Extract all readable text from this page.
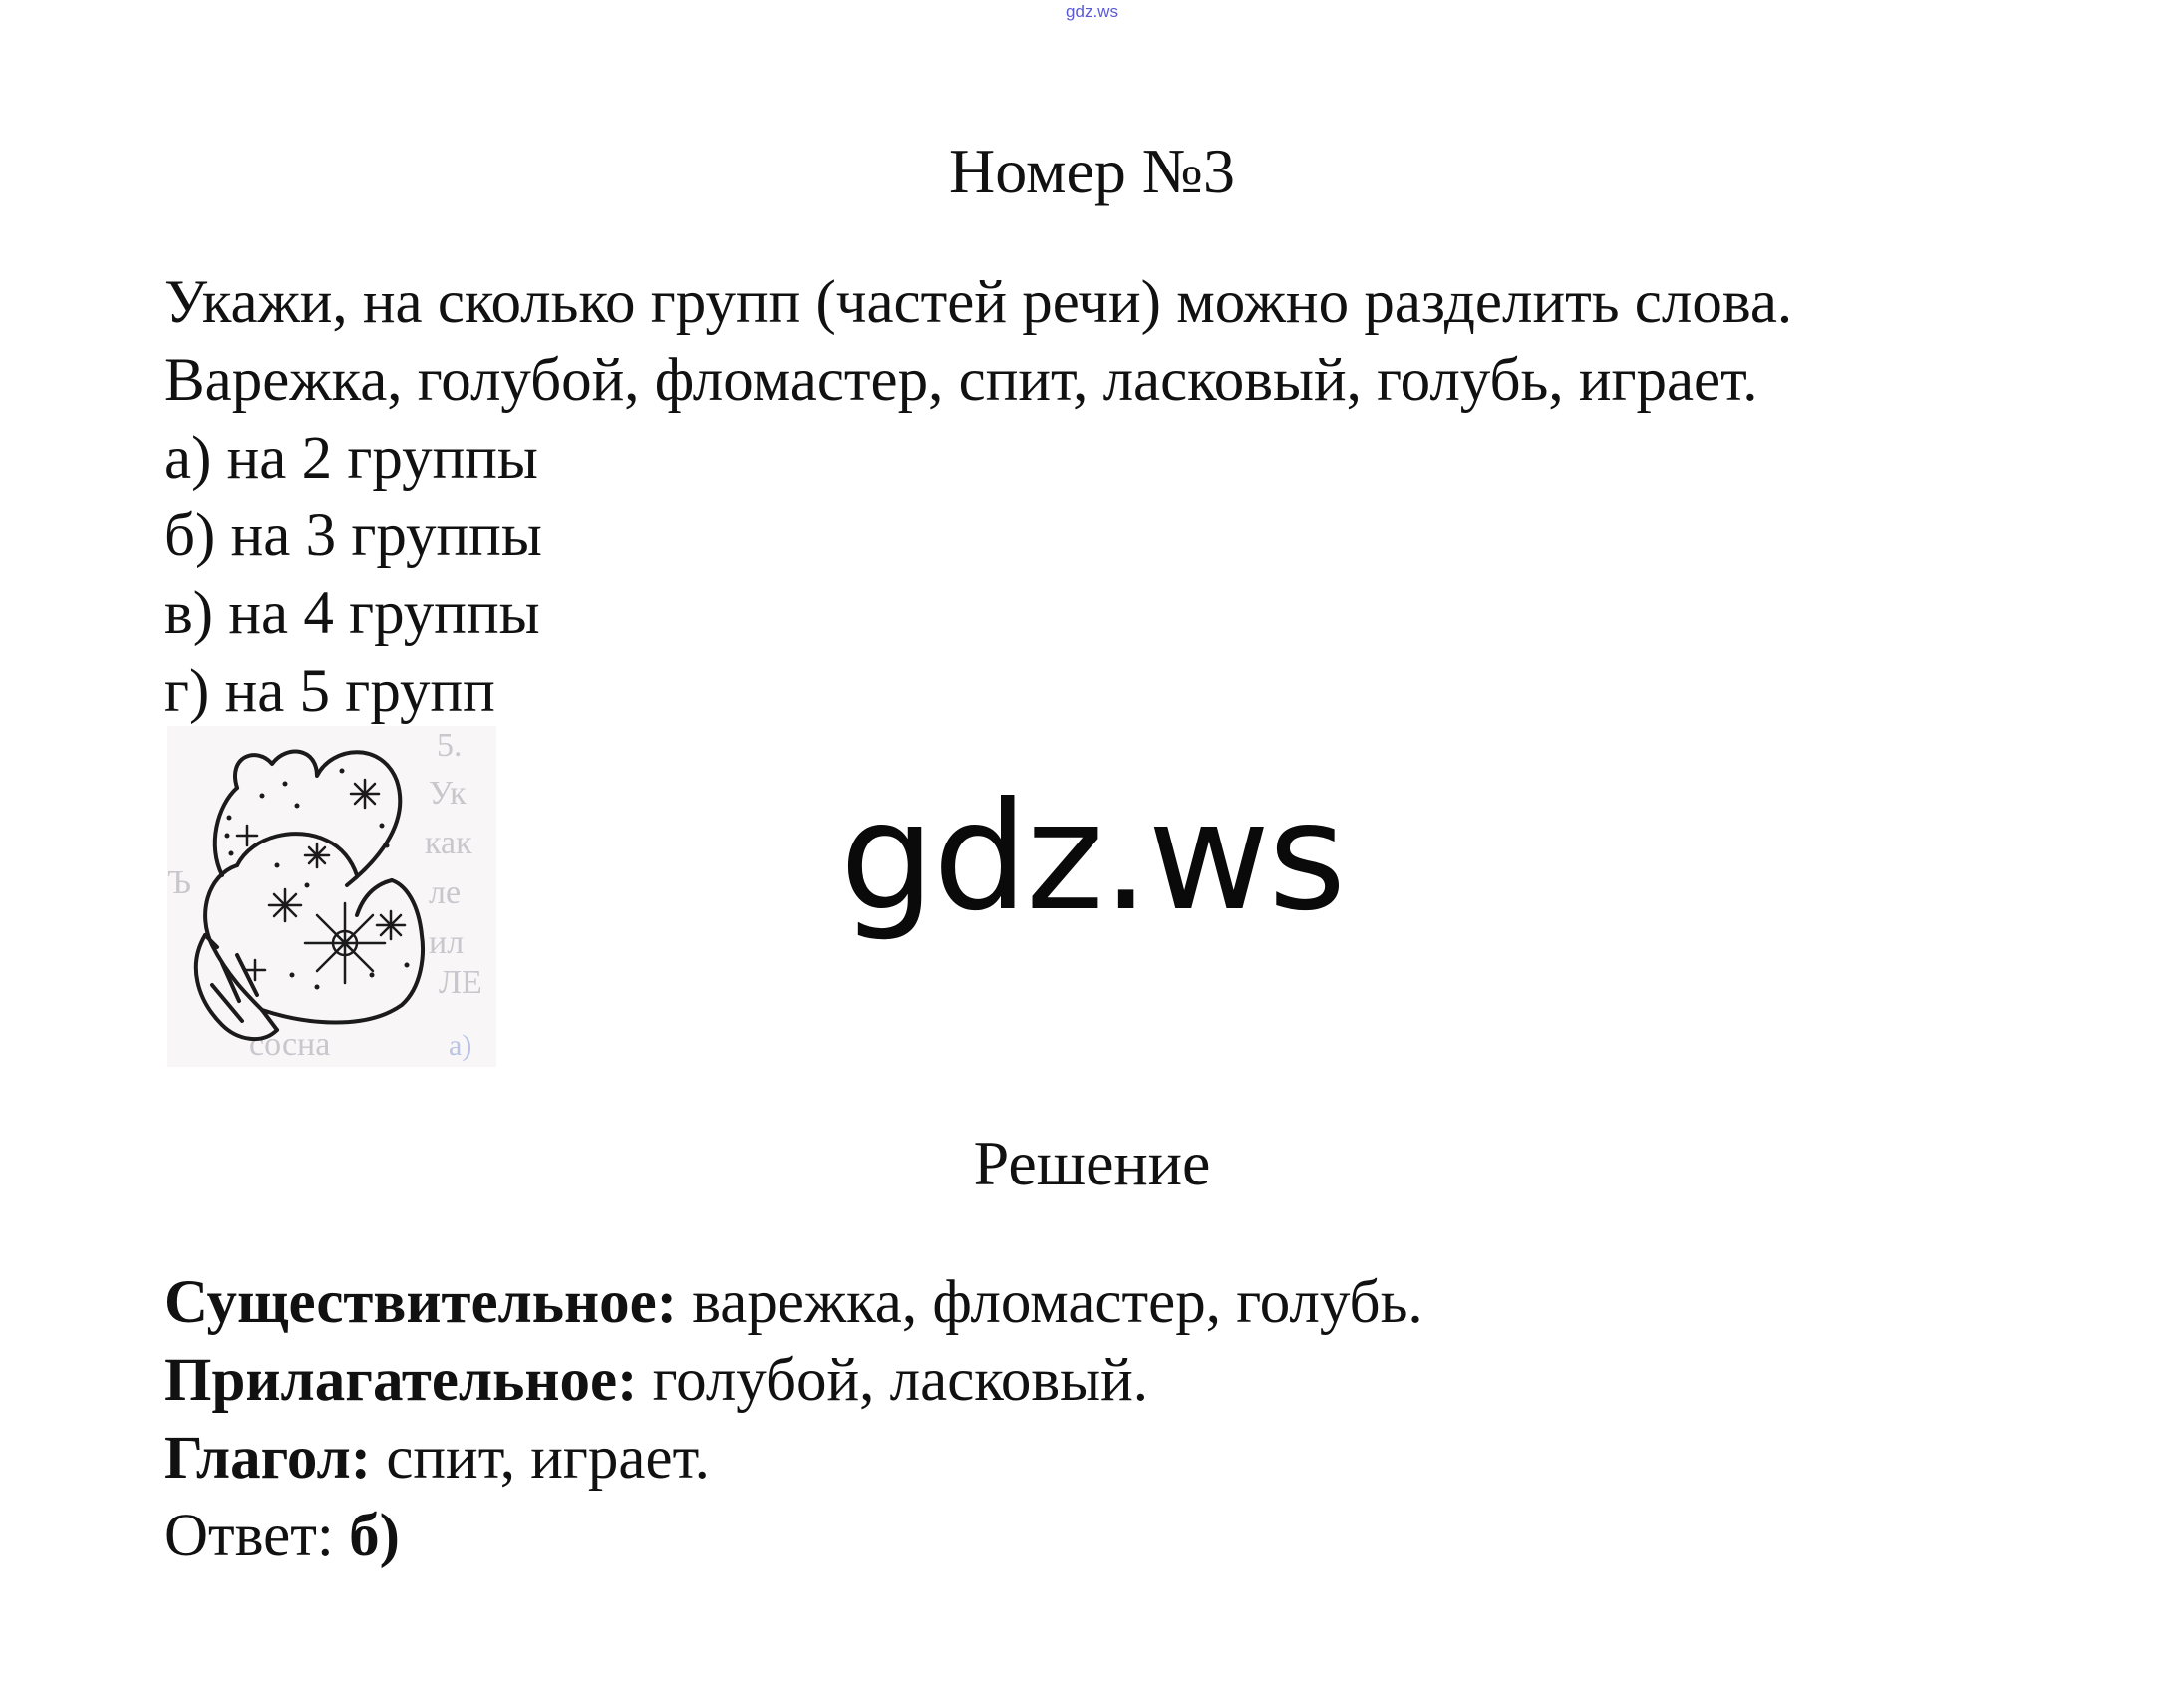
gdz.ws
Номер №3
Укажи, на сколько групп (частей речи) можно разделить слова.
Варежка, голубой, фломастер, спит, ласковый, голубь, играет.
а) на 2 группы
б) на 3 группы
в) на 4 группы
г) на 5 групп
5.
Ук
как
ле
ил
ЛЕ
Ъ
сосна	а)
gdz.ws
Решение
Существительное: варежка, фломастер, голубь.
Прилагательное: голубой, ласковый.
Глагол: спит, играет.
Ответ: б)
